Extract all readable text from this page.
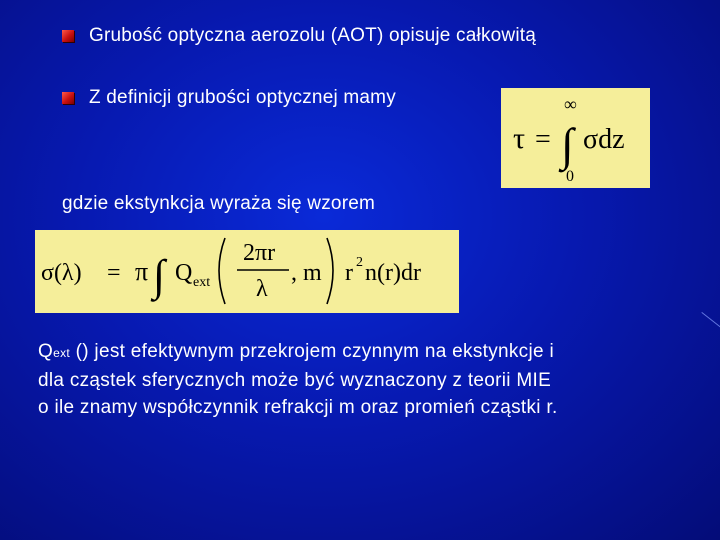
Grubość optyczna aerozolu (AOT) opisuje całkowitą
Z definicji grubości optycznej mamy
τ =
∞
∫
0
σdz
gdzie ekstynkcja wyraża się wzorem
σ(λ) = π ∫ Q ext
2πr
λ
, m r 2 n(r)dr
Qext () jest efektywnym przekrojem czynnym na ekstynkcje i
dla cząstek sferycznych może być wyznaczony z teorii MIE
o ile znamy współczynnik refrakcji m oraz promień cząstki r.
